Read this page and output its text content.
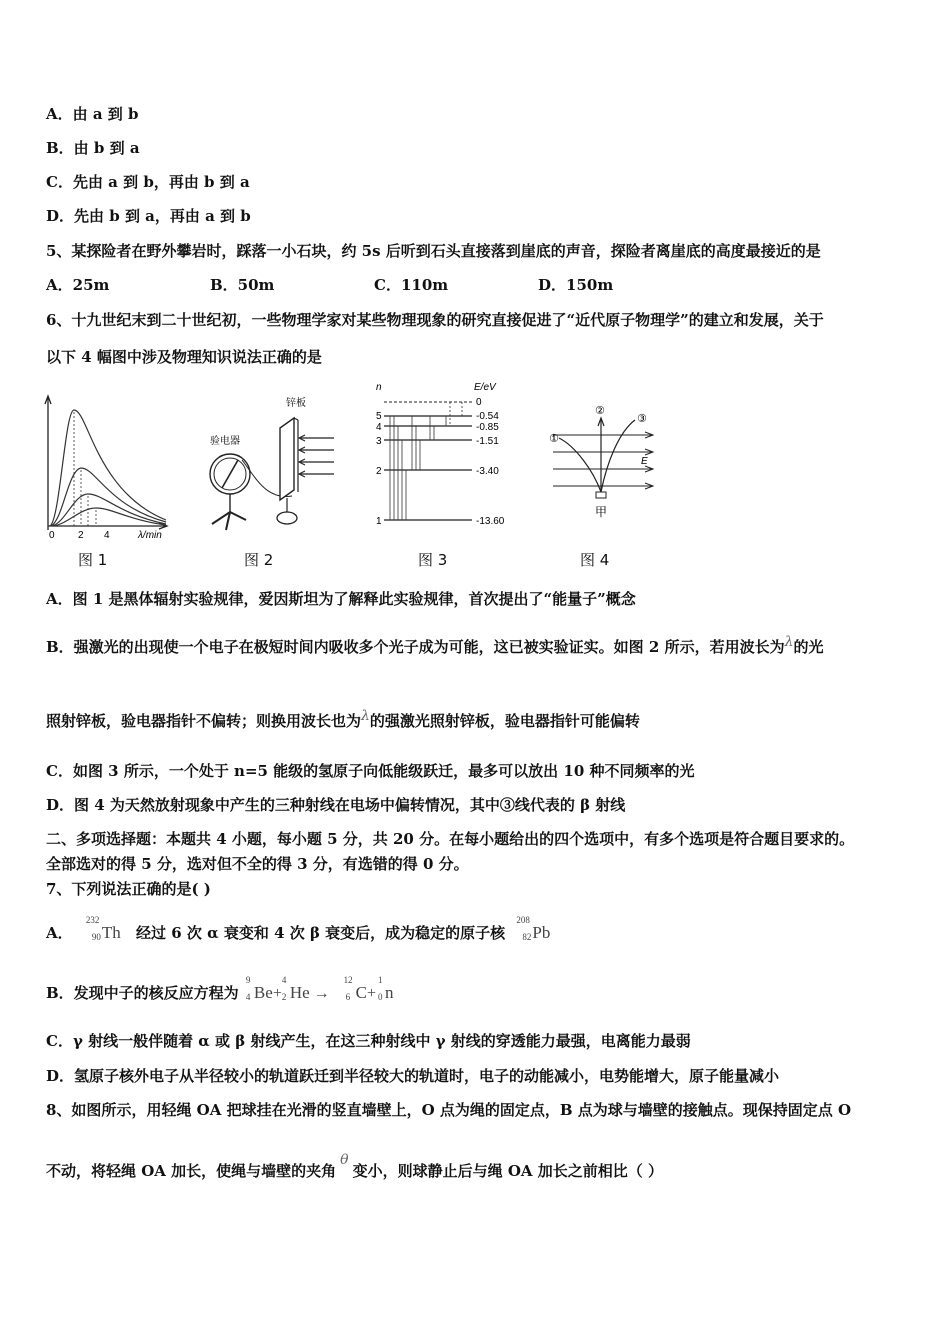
A．由 a 到 b
B．由 b 到 a
C．先由 a 到 b，再由 b 到 a
D．先由 b 到 a，再由 a 到 b
5、某探险者在野外攀岩时，踩落一小石块，约 5s 后听到石头直接落到崖底的声音，探险者离崖底的高度最接近的是
A．25m	B．50m	C．110m	D．150m
6、十九世纪末到二十世纪初，一些物理学家对某些物理现象的研究直接促进了“近代原子物理学”的建立和发展，关于
以下 4 幅图中涉及物理知识说法正确的是
0 2 4	λ/min
验电器
锌板
n	E/eV
5
4
3
2
1
0
-0.54
-0.85
-1.51
-3.40
-13.60
E
①
②
③
甲
图 1	图 2	图 3	图 4
A．图 1 是黑体辐射实验规律，爱因斯坦为了解释此实验规律，首次提出了“能量子”概念
B．强激光的出现使一个电子在极短时间内吸收多个光子成为可能，这已被实验证实。如图 2 所示，若用波长为λ的光
照射锌板，验电器指针不偏转；则换用波长也为λ的强激光照射锌板，验电器指针可能偏转
C．如图 3 所示，一个处于 n=5 能级的氢原子向低能级跃迁，最多可以放出 10 种不同频率的光
D．图 4 为天然放射现象中产生的三种射线在电场中偏转情况，其中③线代表的 β 射线
二、多项选择题：本题共 4 小题，每小题 5 分，共 20 分。在每小题给出的四个选项中，有多个选项是符合题目要求的。
全部选对的得 5 分，选对但不全的得 3 分，有选错的得 0 分。
7、下列说法正确的是( )
A．
232
90 Th 经过 6 次 α 衰变和 4 次 β 衰变后，成为稳定的原子核
208
82 Pb
B．发现中子的核反应方程为
9
4 Be+
4
2 He →
12
6 C+
1
0 n
C．γ 射线一般伴随着 α 或 β 射线产生，在这三种射线中 γ 射线的穿透能力最强，电离能力最弱
D．氢原子核外电子从半径较小的轨道跃迁到半径较大的轨道时，电子的动能减小，电势能增大，原子能量减小
8、如图所示，用轻绳 OA 把球挂在光滑的竖直墙壁上，O 点为绳的固定点，B 点为球与墙壁的接触点。现保持固定点 O
不动，将轻绳 OA 加长，使绳与墙壁的夹角θ变小，则球静止后与绳 OA 加长之前相比（ ）
